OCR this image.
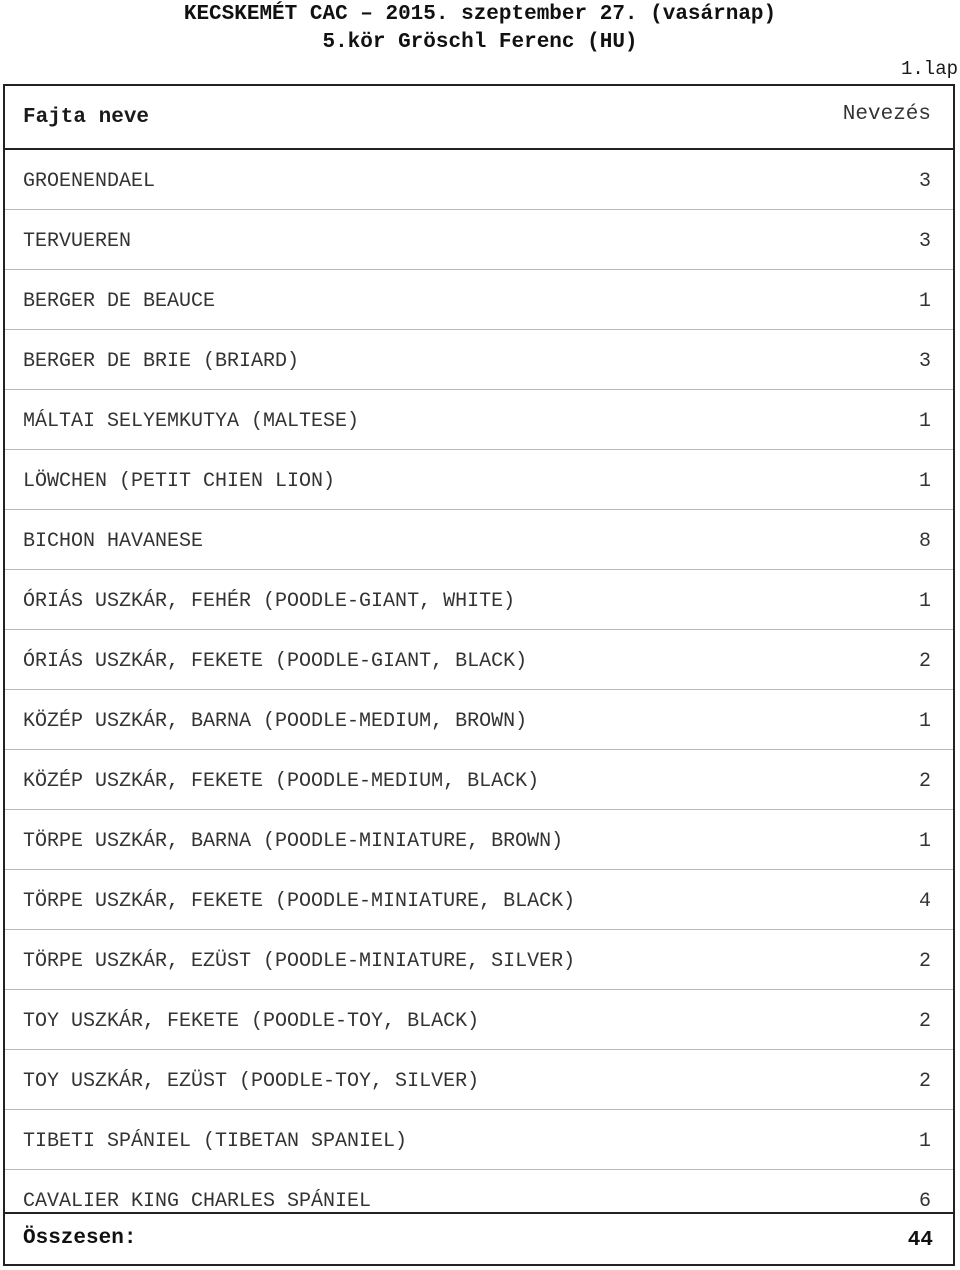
KECSKEMÉT CAC – 2015. szeptember 27. (vasárnap)
5.kör Gröschl Ferenc (HU)
1.lap
Fajta neve	Nevezés
GROENENDAEL	3
TERVUEREN	3
BERGER DE BEAUCE	1
BERGER DE BRIE (BRIARD)	3
MÁLTAI SELYEMKUTYA (MALTESE)	1
LÖWCHEN (PETIT CHIEN LION)	1
BICHON HAVANESE	8
ÓRIÁS USZKÁR, FEHÉR (POODLE-GIANT, WHITE)	1
ÓRIÁS USZKÁR, FEKETE (POODLE-GIANT, BLACK)	2
KÖZÉP USZKÁR, BARNA (POODLE-MEDIUM, BROWN)	1
KÖZÉP USZKÁR, FEKETE (POODLE-MEDIUM, BLACK)	2
TÖRPE USZKÁR, BARNA (POODLE-MINIATURE, BROWN)	1
TÖRPE USZKÁR, FEKETE (POODLE-MINIATURE, BLACK)	4
TÖRPE USZKÁR, EZÜST (POODLE-MINIATURE, SILVER)	2
TOY USZKÁR, FEKETE (POODLE-TOY, BLACK)	2
TOY USZKÁR, EZÜST (POODLE-TOY, SILVER)	2
TIBETI SPÁNIEL (TIBETAN SPANIEL)	1
CAVALIER KING CHARLES SPÁNIEL	6
Összesen:	44
